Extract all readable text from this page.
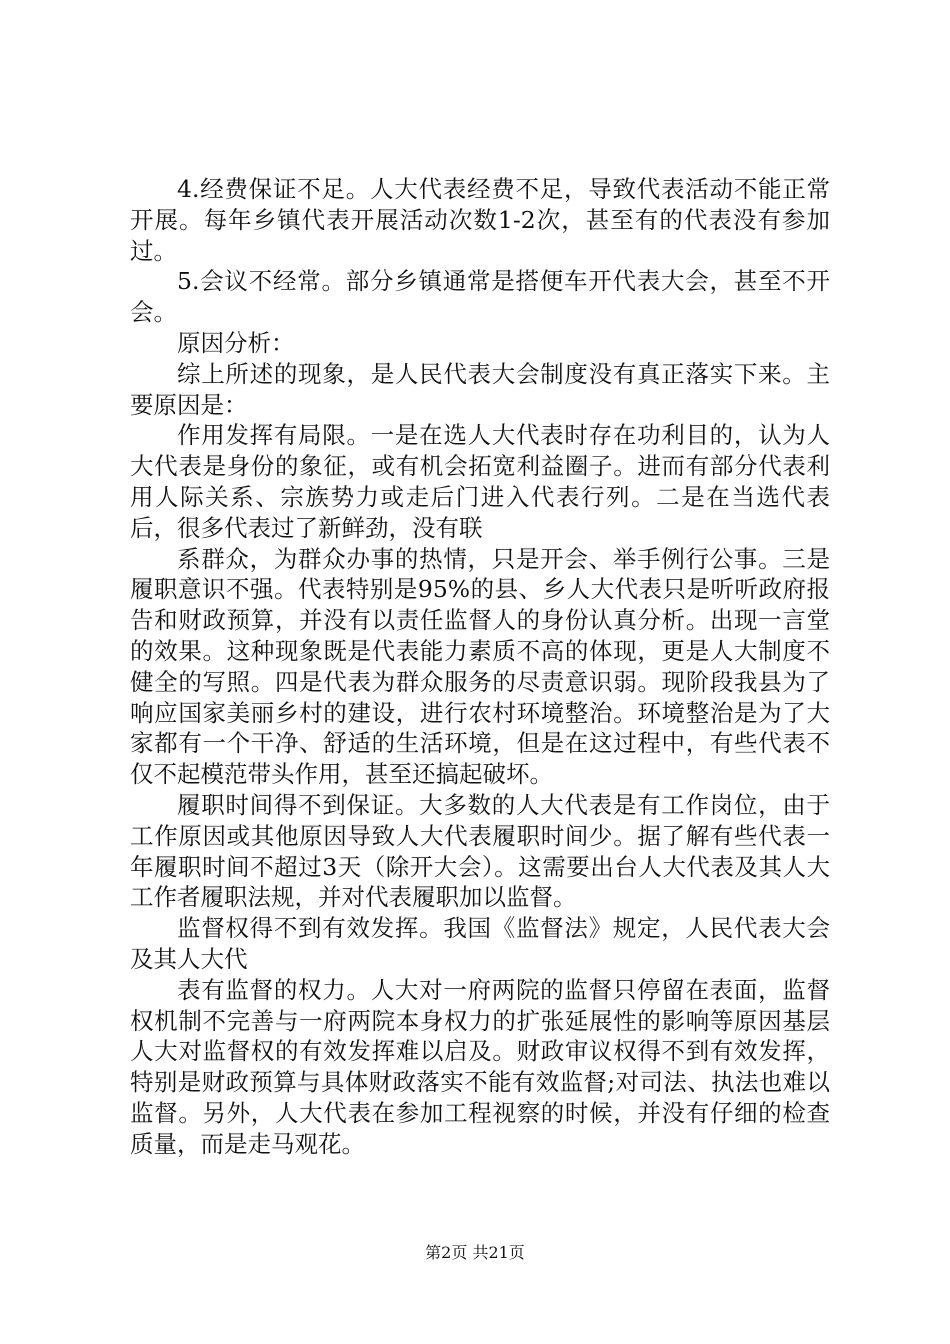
4.经费保证不足。人大代表经费不足，导致代表活动不能正常开展。每年乡镇代表开展活动次数1-2次，甚至有的代表没有参加过。

5.会议不经常。部分乡镇通常是搭便车开代表大会，甚至不开会。

原因分析：

综上所述的现象，是人民代表大会制度没有真正落实下来。主要原因是：

作用发挥有局限。一是在选人大代表时存在功利目的，认为人大代表是身份的象征，或有机会拓宽利益圈子。进而有部分代表利用人际关系、宗族势力或走后门进入代表行列。二是在当选代表后，很多代表过了新鲜劲，没有联

系群众，为群众办事的热情，只是开会、举手例行公事。三是履职意识不强。代表特别是95%的县、乡人大代表只是听听政府报告和财政预算，并没有以责任监督人的身份认真分析。出现一言堂的效果。这种现象既是代表能力素质不高的体现，更是人大制度不健全的写照。四是代表为群众服务的尽责意识弱。现阶段我县为了响应国家美丽乡村的建设，进行农村环境整治。环境整治是为了大家都有一个干净、舒适的生活环境，但是在这过程中，有些代表不仅不起模范带头作用，甚至还搞起破坏。

履职时间得不到保证。大多数的人大代表是有工作岗位，由于工作原因或其他原因导致人大代表履职时间少。据了解有些代表一年履职时间不超过3天（除开大会）。这需要出台人大代表及其人大工作者履职法规，并对代表履职加以监督。

监督权得不到有效发挥。我国《监督法》规定，人民代表大会及其人大代

表有监督的权力。人大对一府两院的监督只停留在表面，监督权机制不完善与一府两院本身权力的扩张延展性的影响等原因基层人大对监督权的有效发挥难以启及。财政审议权得不到有效发挥，特别是财政预算与具体财政落实不能有效监督;对司法、执法也难以监督。另外，人大代表在参加工程视察的时候，并没有仔细的检查质量，而是走马观花。

第2页 共21页
